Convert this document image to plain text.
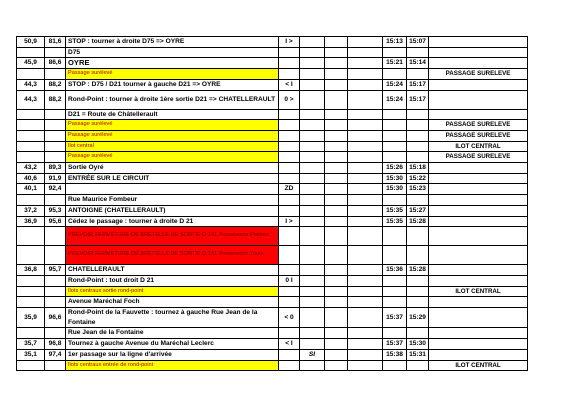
50,9	81,6	STOP : tourner à droite D75 => OYRE	I >				15:13	15:07	
		D75							
45,9	86,6	OYRE					15:21	15:14	
		Passage surélevé							PASSAGE SURELEVE
44,3	88,2	STOP : D75 / D21 tourner à gauche D21 => OYRE	< I				15:24	15:17	
44,3	88,2	Rond-Point : tourner à droite 1ère sortie D21 => CHATELLERAULT	0 >				15:24	15:17	
		D21 = Route de Châtellerault							
		Passage surélevé							PASSAGE SURELEVE
		Passage surélevé							PASSAGE SURELEVE
		Ilot central							ILOT CENTRAL
		Passage surélevé							PASSAGE SURELEVE
43,2	89,3	Sortie Oyré					15:26	15:18	
40,6	91,9	ENTRÉE SUR LE CIRCUIT					15:30	15:22	
40,1	92,4		ZD				15:30	15:23	
		Rue Maurice Fombeur							
37,2	95,3	ANTOIGNE (CHATELLERAULT)					15:35	15:27	
36,9	95,6	Cédez le passage : tourner à droite D 21	I >				15:35	15:28	
		PREVOIR FERMETURE DE BRETELLE DE SORTIE D 161 Provenance Poitiers							
		PREVOIR FERMETURE DE BRETELLE DE SORTIE D 161 Provenance Tours							
36,8	95,7	CHATELLERAULT					15:36	15:28	
		Rond-Point : tout droit D 21	0 I						
		Ilots centraux sortie rond-point							ILOT CENTRAL
		Avenue Maréchal Foch							
35,9	96,6	Rond-Point de la Fauvette : tournez à gauche Rue Jean de la Fontaine	< 0				15:37	15:29	
		Rue Jean de la Fontaine							
35,7	96,8	Tournez à gauche Avenue du Maréchal Leclerc	< I				15:37	15:30	
35,1	97,4	1er passage sur la ligne d'arrivée		SI			15:38	15:31	
		Ilots centraux entrée de rond-point							ILOT CENTRAL
